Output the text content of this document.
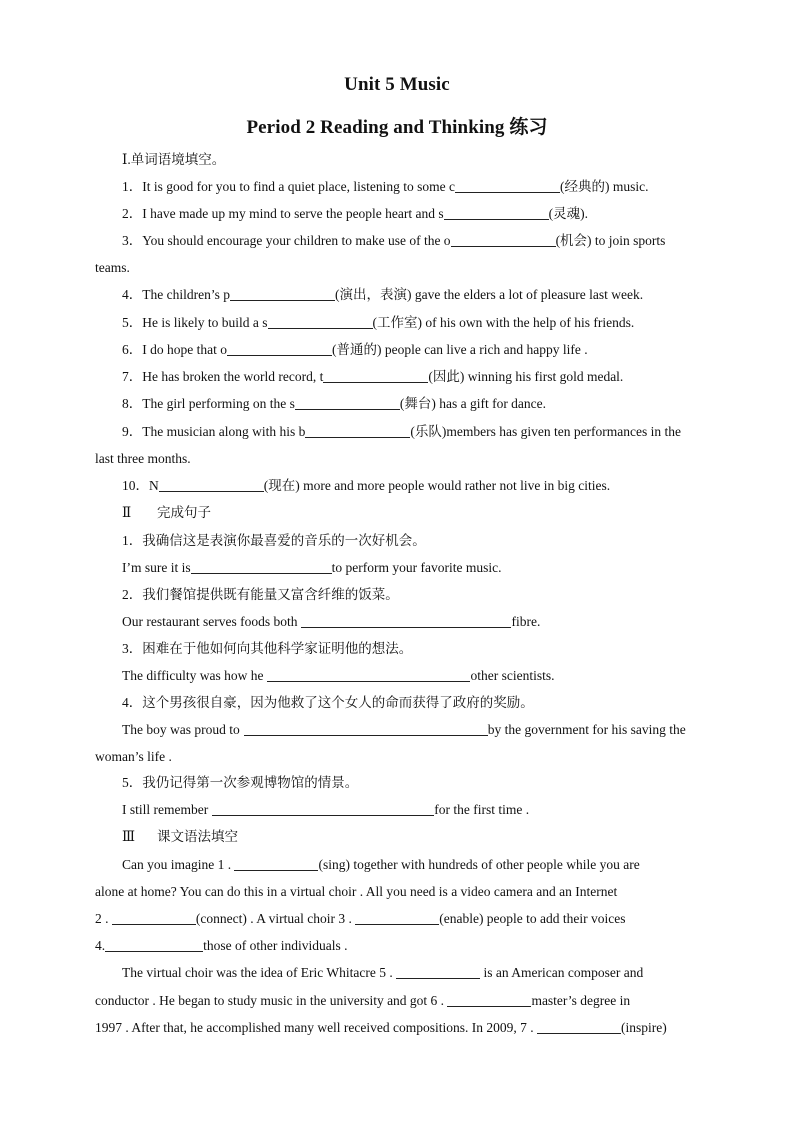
Unit 5 Music
Period 2 Reading and Thinking 练习
Ⅰ.单词语境填空。
1．It is good for you to find a quiet place, listening to some c	(经典的) music.
2．I have made up my mind to serve the people heart and s	(灵魂).
3．You should encourage your children to make use of the o	(机会) to join sports
teams.
4．The children’s p	(演出，表演) gave the elders a lot of pleasure last week.
5．He is likely to build a s	(工作室) of his own with the help of his friends.
6．I do hope that o	(普通的) people can live a rich and happy life .
7．He has broken the world record, t	(因此) winning his first gold medal.
8．The girl performing on the s	(舞台) has a gift for dance.
9．The musician along with his b	(乐队)members has given ten performances in the
last three months.
10．N	(现在) more and more people would rather not live in big cities.
Ⅱ 完成句子
1．我确信这是表演你最喜爱的音乐的一次好机会。
I’m sure it is	to perform your favorite music.
2．我们餐馆提供既有能量又富含纤维的饭菜。
Our restaurant serves foods both	fibre.
3．困难在于他如何向其他科学家证明他的想法。
The difficulty was how he	other scientists.
4．这个男孩很自豪，因为他救了这个女人的命而获得了政府的奖励。
The boy was proud to	by the government for his saving the
woman’s life .
5．我仍记得第一次参观博物馆的情景。
I still remember	for the first time .
Ⅲ 课文语法填空
Can you imagine 1 .	(sing) together with hundreds of other people while you are
alone at home? You can do this in a virtual choir . All you need is a video camera and an Internet
2 .	(connect) . A virtual choir 3 .	(enable) people to add their voices
4.	those of other individuals .
The virtual choir was the idea of Eric Whitacre 5 .	is an American composer and
conductor . He began to study music in the university and got 6 .	master’s degree in
1997 . After that, he accomplished many well received compositions. In 2009, 7 .	(inspire)
